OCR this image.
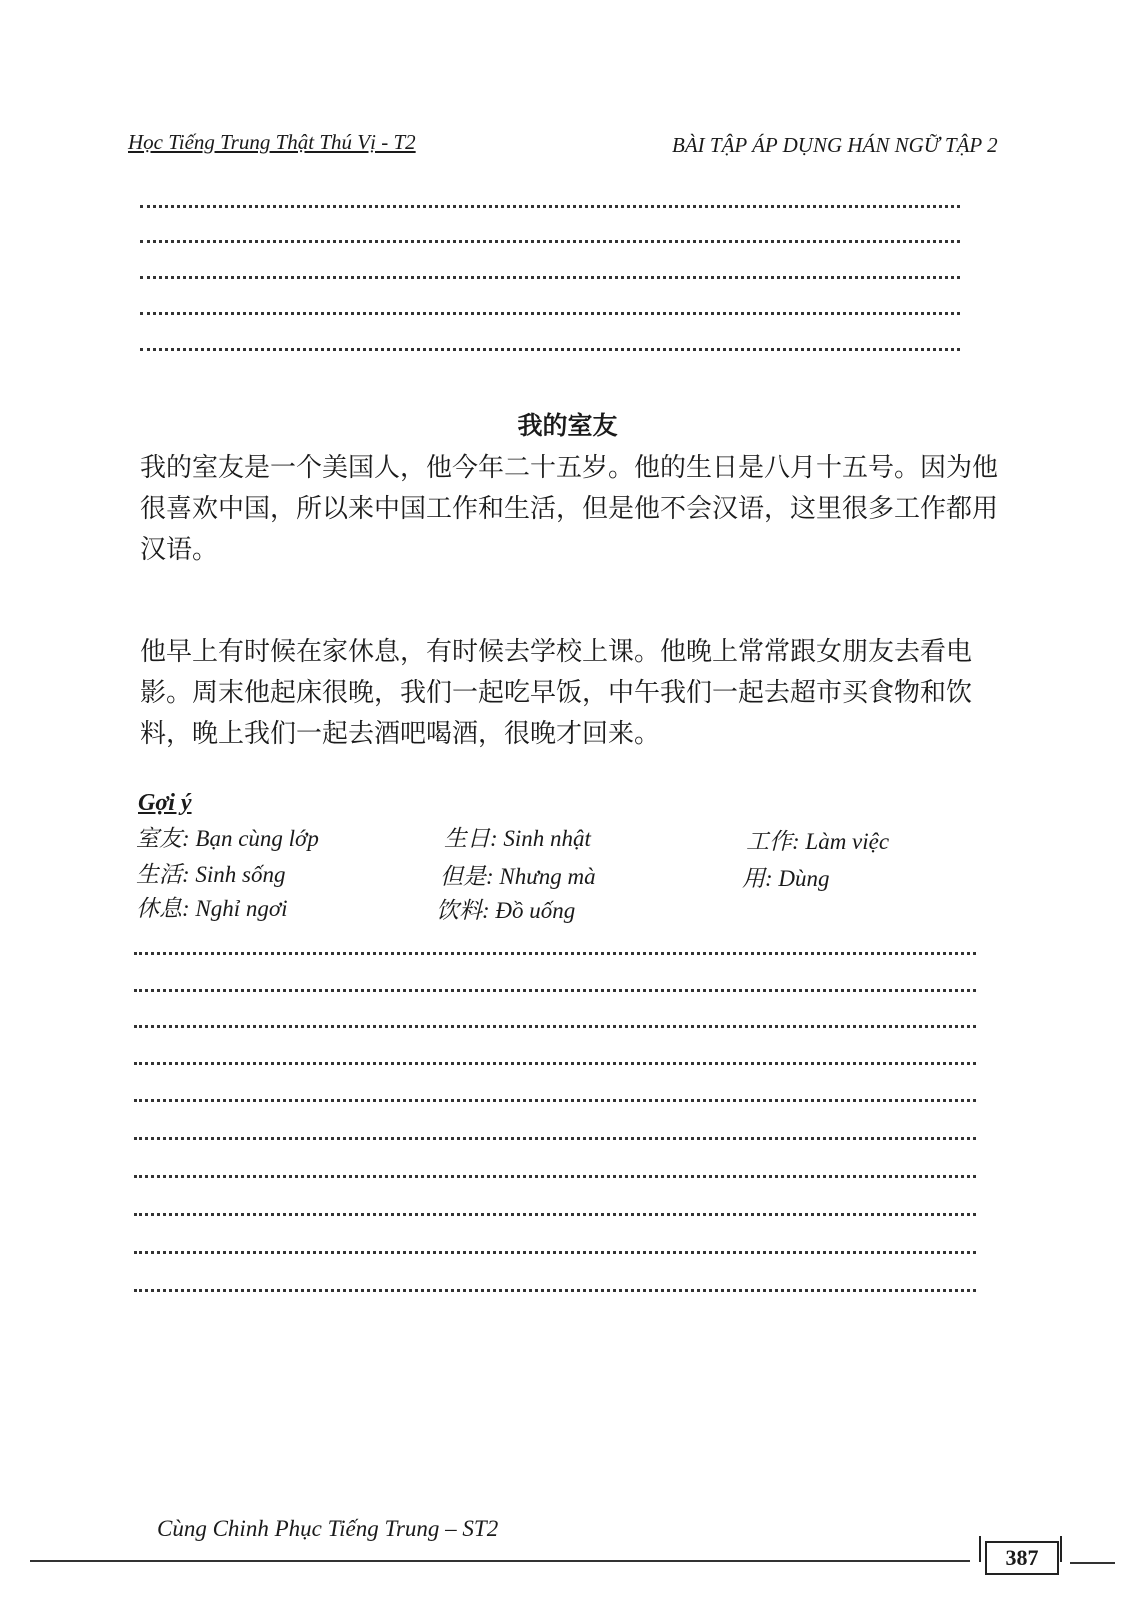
Học Tiếng Trung Thật Thú Vị - T2	BÀI TẬP ÁP DỤNG HÁN NGỮ TẬP 2
我的室友

我的室友是一个美国人，他今年二十五岁。他的生日是八月十五号。因为他很喜欢中国，所以来中国工作和生活，但是他不会汉语，这里很多工作都用汉语。

他早上有时候在家休息，有时候去学校上课。他晚上常常跟女朋友去看电影。周末他起床很晚，我们一起吃早饭，中午我们一起去超市买食物和饮料，晚上我们一起去酒吧喝酒，很晚才回来。

Gợi ý
室友: Bạn cùng lớp	生日: Sinh nhật	工作: Làm việc
生活: Sinh sống	但是: Nhưng mà	用: Dùng
休息: Nghỉ ngơi	饮料: Đồ uống
Cùng Chinh Phục Tiếng Trung – ST2
387
